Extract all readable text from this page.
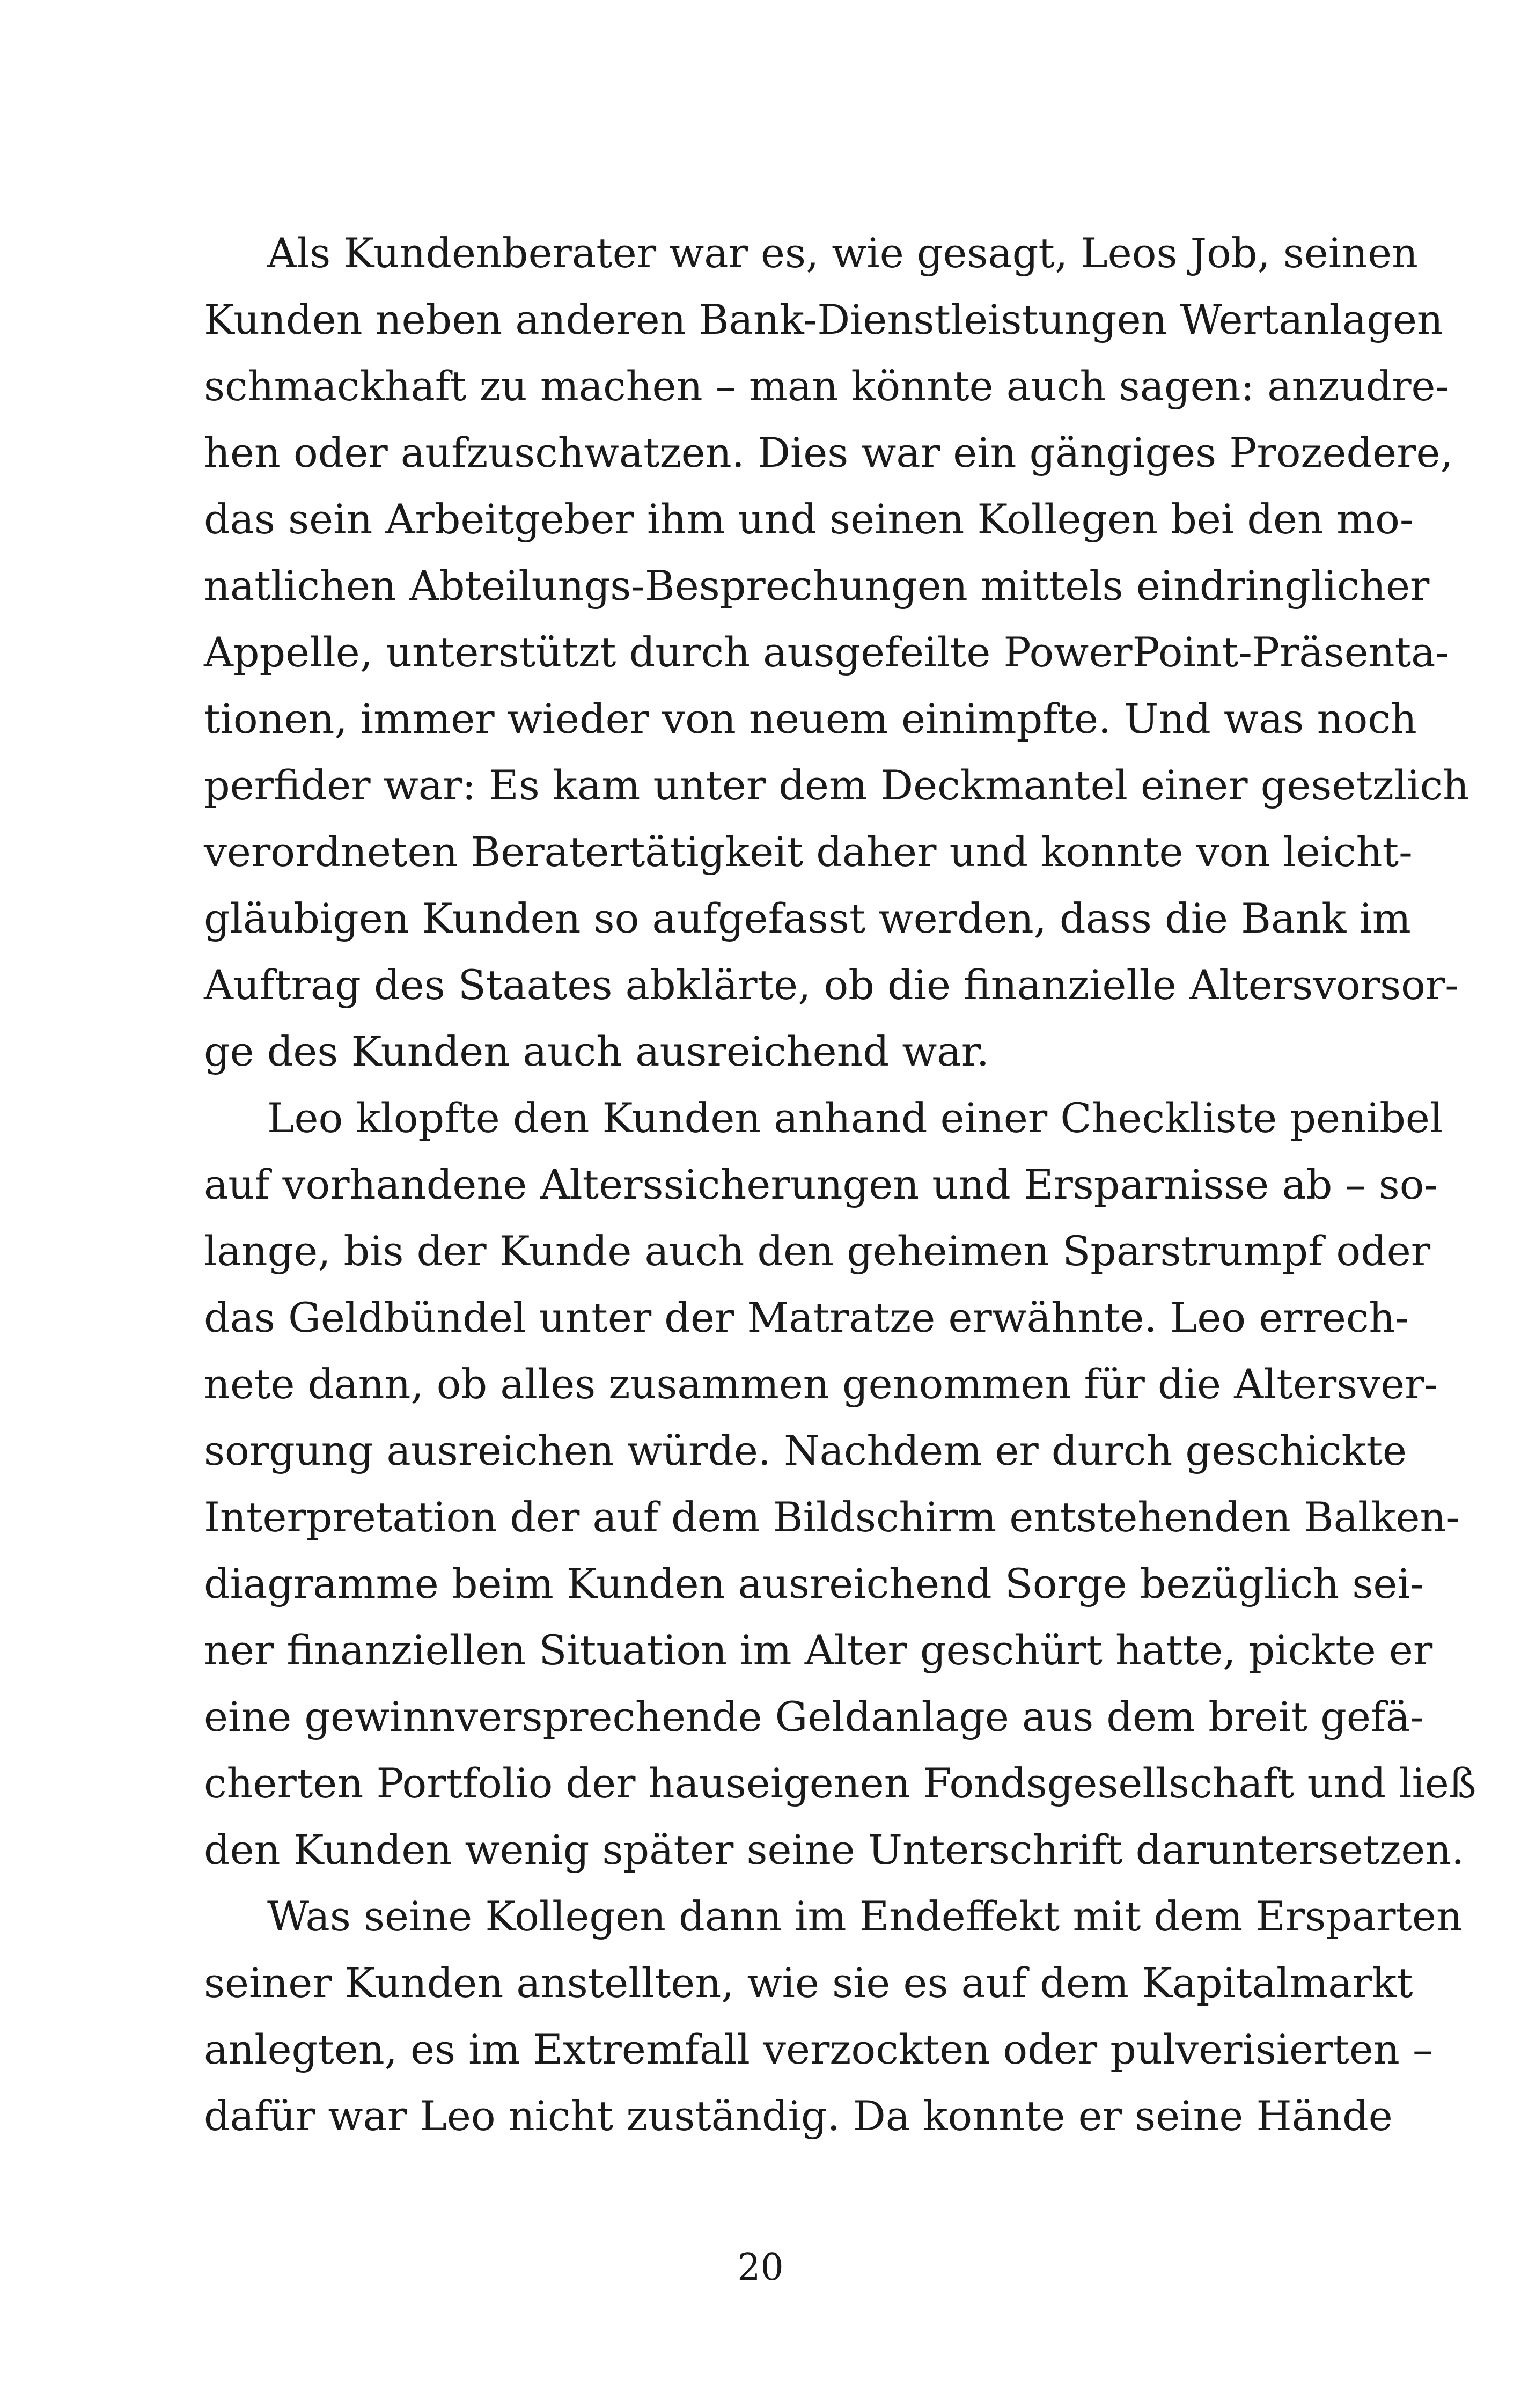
Als Kundenberater war es, wie gesagt, Leos Job, seinen
Kunden neben anderen Bank-Dienstleistungen Wertanlagen
schmackhaft zu machen – man könnte auch sagen: anzudre-
hen oder aufzuschwatzen. Dies war ein gängiges Prozedere,
das sein Arbeitgeber ihm und seinen Kollegen bei den mo-
natlichen Abteilungs-Besprechungen mittels eindringlicher
Appelle, unterstützt durch ausgefeilte PowerPoint-Präsenta-
tionen, immer wieder von neuem einimpfte. Und was noch
perfider war: Es kam unter dem Deckmantel einer gesetzlich
verordneten Beratertätigkeit daher und konnte von leicht-
gläubigen Kunden so aufgefasst werden, dass die Bank im
Auftrag des Staates abklärte, ob die finanzielle Altersvorsor-
ge des Kunden auch ausreichend war.
Leo klopfte den Kunden anhand einer Checkliste penibel
auf vorhandene Alterssicherungen und Ersparnisse ab – so-
lange, bis der Kunde auch den geheimen Sparstrumpf oder
das Geldbündel unter der Matratze erwähnte. Leo errech-
nete dann, ob alles zusammen genommen für die Altersver-
sorgung ausreichen würde. Nachdem er durch geschickte
Interpretation der auf dem Bildschirm entstehenden Balken-
diagramme beim Kunden ausreichend Sorge bezüglich sei-
ner finanziellen Situation im Alter geschürt hatte, pickte er
eine gewinnversprechende Geldanlage aus dem breit gefä-
cherten Portfolio der hauseigenen Fondsgesellschaft und ließ
den Kunden wenig später seine Unterschrift daruntersetzen.
Was seine Kollegen dann im Endeffekt mit dem Ersparten
seiner Kunden anstellten, wie sie es auf dem Kapitalmarkt
anlegten, es im Extremfall verzockten oder pulverisierten –
dafür war Leo nicht zuständig. Da konnte er seine Hände
20
